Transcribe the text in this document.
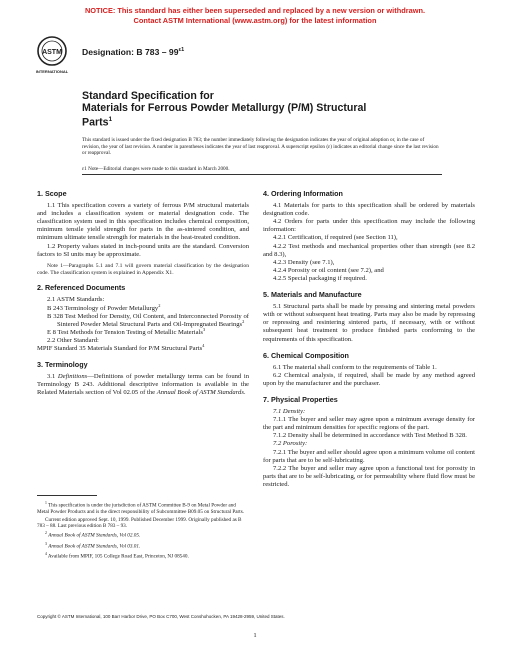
NOTICE: This standard has either been superseded and replaced by a new version or withdrawn.
Contact ASTM International (www.astm.org) for the latest information
ASTM
INTERNATIONAL
Designation: B $783 - 99^{\varepsilon 1}$
Standard Specification for
Materials for Ferrous Powder Metallurgy (P/M) Structural
Parts$^1$
This standard is issued under the fixed designation B 783; the number immediately following the designation indicates the year of original adoption or, in the case of revision, the year of last revision. A number in parentheses indicates the year of last reapproval. A superscript epsilon (ε) indicates an editorial change since the last revision or reapproval.
ε1 Note—Editorial changes were made to this standard in March 2000.

1. Scope

1.1 This specification covers a variety of ferrous P/M structural materials and includes a classification system or material designation code. The classification system used in this specification includes chemical composition, minimum tensile yield strength for parts in the as-sintered condition, and minimum ultimate tensile strength for materials in the heat-treated condition.

1.2 Property values stated in inch-pound units are the standard. Conversion factors to SI units may be approximate.

Note 1—Paragraphs 5.1 and 7.1 will govern material classification by the designation code. The classification system is explained in Appendix X1.

2. Referenced Documents

2.1 ASTM Standards:

B 243 Terminology of Powder Metallurgy$^2$

B 328 Test Method for Density, Oil Content, and Interconnected Porosity of Sintered Powder Metal Structural Parts and Oil-Impregnated Bearings$^2$

E 8 Test Methods for Tension Testing of Metallic Materials$^3$

2.2 Other Standard:

MPIF Standard 35 Materials Standard for P/M Structural Parts$^4$

3. Terminology

3.1 Definitions—Definitions of powder metallurgy terms can be found in Terminology B 243. Additional descriptive information is available in the Related Materials section of Vol 02.05 of the Annual Book of ASTM Standards.

$^1$ This specification is under the jurisdiction of ASTM Committee B-9 on Metal Powder and Metal Powder Products and is the direct responsibility of Subcommittee B09.05 on Structural Parts.

Current edition approved Sept. 10, 1999. Published December 1999. Originally published as B 783 – 88. Last previous edition B 783 – 93.

$^2$ Annual Book of ASTM Standards, Vol 02.05.

$^3$ Annual Book of ASTM Standards, Vol 03.01.

$^4$ Available from MPIF, 105 College Road East, Princeton, NJ 08540.

4. Ordering Information

4.1 Materials for parts to this specification shall be ordered by materials designation code.

4.2 Orders for parts under this specification may include the following information:

4.2.1 Certification, if required (see Section 11),

4.2.2 Test methods and mechanical properties other than strength (see 8.2 and 8.3),

4.2.3 Density (see 7.1),

4.2.4 Porosity or oil content (see 7.2), and

4.2.5 Special packaging if required.

5. Materials and Manufacture

5.1 Structural parts shall be made by pressing and sintering metal powders with or without subsequent heat treating. Parts may also be made by repressing or repressing and resintering sintered parts, if necessary, with or without subsequent heat treatment to produce finished parts conforming to the requirements of this specification.

6. Chemical Composition

6.1 The material shall conform to the requirements of Table 1.

6.2 Chemical analysis, if required, shall be made by any method agreed upon by the manufacturer and the purchaser.

7. Physical Properties

7.1 Density:

7.1.1 The buyer and seller may agree upon a minimum average density for the part and minimum densities for specific regions of the part.

7.1.2 Density shall be determined in accordance with Test Method B 328.

7.2 Porosity:

7.2.1 The buyer and seller should agree upon a minimum volume oil content for parts that are to be self-lubricating.

7.2.2 The buyer and seller may agree upon a functional test for porosity in parts that are to be self-lubricating, or for permeability where fluid flow must be restricted.

Copyright © ASTM International, 100 Barr Harbor Drive, PO Box C700, West Conshohocken, PA 19428-2959, United States.
1
